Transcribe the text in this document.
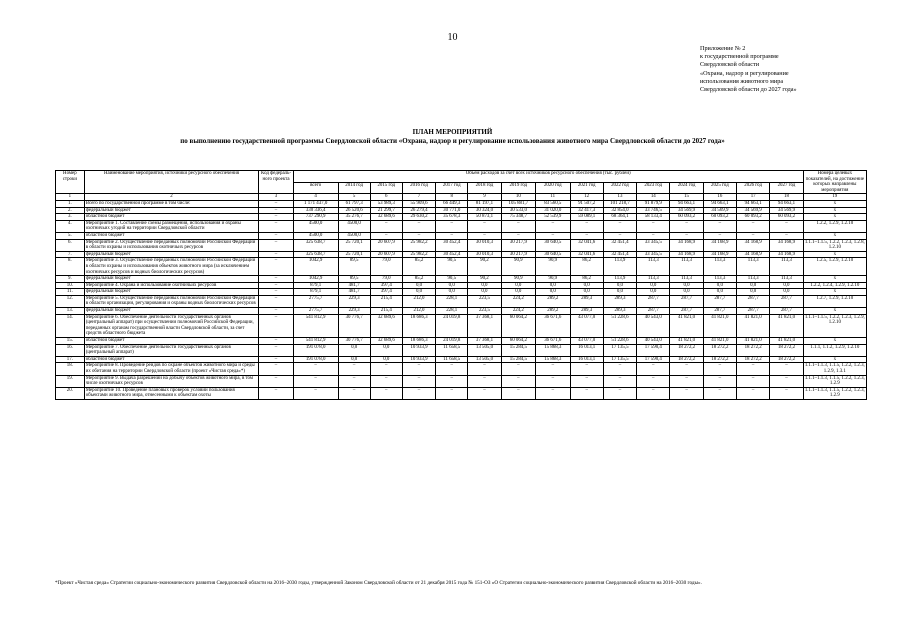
10
Приложение № 2
к государственной программе
Свердловской области
«Охрана, надзор и регулирование
использования животного мира
Свердловской области до 2027 года»
ПЛАН МЕРОПРИЯТИЙ
по выполнению государственной программы Свердловской области «Охрана, надзор и регулирование использования животного мира Свердловской области до 2027 года»
Номер строки	Наименование мероприятия, источники ресурсного обеспечения	Код федераль-ного проекта	Объем расходов за счет всех источников ресурсного обеспечения (тыс. рублей)															Номера целевых показателей, на достижение которых направлены мероприятия
			всего	2014 год	2015 год	2016 год	2017 год	2018 год	2019 год	2020 год	2021 год	2022 год	2023 год	2024 год	2025 год	2026 год	2027 год	
1	2	3	4	5	6	7	8	9	10	11	12	13	14	15	16	17	18	19
1.	Всего по государственной программе в том числе:	–	1 171 437,0	61 797,3	53 989,3	55 909,6	66 449,3	81 197,1	105 881,7	83 560,5	91 507,2	101 218,7	91 879,9	94 663,1	94 663,1	94 663,1	94 663,1	х
2.	федеральный бюджет	–	330 336,4	26 520,6	21 299,7	26 279,4	30 771,0	30 324,0	30 533,0	31 020,0	32 417,3	32 854,0	33 746,5	34 569,9	34 569,9	34 569,9	34 569,9	х
3.	областной бюджет	–	737 290,9	35 276,7	32 689,6	29 630,2	35 678,3	50 873,1	75 348,7	52 539,9	59 089,1	68 364,1	58 133,4	60 093,2	60 093,2	60 093,2	60 093,2	х
4.	Мероприятие 1. Составление схемы размещения, использования и охраны охотничьих угодий на территории Свердловской области	–	4500,0	4500,0	–	–	–	–	–	–	–	–	–	–	–	–	–	1.2.2, 1.2.9, 1.2.10
5.	областной бюджет	–	4500,0	4500,0	–	–	–	–	–	–	–	–	–	–	–	–	–	х
6.	Мероприятие 2. Осуществление переданных полномочий Российской Федерации в области охраны и использования охотничьих ресурсов	–	325 638,7	25 720,1	20 607,9	25 982,2	30 452,4	30 010,3	30 217,9	30 640,5	32 041,6	32 451,4	33 345,5	34 168,9	34 168,9	34 168,9	34 168,9	1.1.1–1.1.5, 1.2.2, 1.2.3, 1.2.8, 1.2.10
7.	федеральный бюджет	–	325 638,7	25 720,1	20 607,9	25 982,2	30 452,4	30 010,3	30 217,9	30 640,5	32 041,6	32 451,4	33 345,5	34 168,9	34 168,9	34 168,9	34 168,9	х
8.	Мероприятие 3. Осуществление переданных полномочий Российской Федерации в области охраны и использования объектов животного мира (за исключением охотничьих ресурсов и водных биологических ресурсов)	–	1042,9	89,5	79,0	85,2	90,5	90,2	90,9	90,9	86,2	113,9	113,3	113,3	113,3	113,3	113,3	1.2.5, 1.2.9, 1.2.10
9.	федеральный бюджет	–	1042,9	89,5	79,0	85,2	90,5	90,2	90,9	90,9	86,2	113,9	113,3	113,3	113,3	113,3	113,3	х
10.	Мероприятие 4. Охрана и использование охотничьих ресурсов	–	879,1	481,7	397,4	0,0	0,0	0,0	0,0	0,0	0,0	0,0	0,0	0,0	0,0	0,0	0,0	1.2.2, 1.2.4, 1.2.9, 1.2.10
11.	федеральный бюджет	–	879,1	481,7	397,4	0,0	0,0	0,0	0,0	0,0	0,0	0,0	0,0	0,0	0,0	0,0	0,0	х
12.	Мероприятие 5. Осуществление переданных полномочий Российской Федерации в области организации, регулирования и охраны водных биологических ресурсов	–	2775,7	229,3	215,4	212,0	228,1	223,5	224,2	289,2	289,3	289,3	287,7	287,7	287,7	287,7	287,7	1.2.7, 1.2.9, 1.2.10
13.	федеральный бюджет	–	2775,7	229,3	215,4	212,0	228,1	223,5	224,2	289,2	289,3	289,3	287,7	287,7	287,7	287,7	287,7	х
14.	Мероприятие 6. Обеспечение деятельности государственных органов (центральный аппарат) при осуществлении полномочий Российской Федерации, переданных органам государственной власти Свердловской области, за счет средств областного бюджета	–	541 812,9	30 776,7	32 689,6	18 686,3	24 019,8	37 368,1	60 064,2	36 671,6	43 077,0	51 228,6	40 543,0	41 821,0	41 821,0	41 821,0	41 821,0	1.1.1–1.1.5, 1.2.2, 1.2.3, 1.2.9, 1.2.10
15.	областной бюджет	–	541 812,9	30 776,7	32 689,6	18 686,3	24 019,8	37 368,1	60 064,2	36 671,6	43 077,0	51 228,6	40 543,0	41 821,0	41 821,0	41 821,0	41 821,0	х
16.	Мероприятие 7. Обеспечение деятельности государственных органов (центральный аппарат)	–	191 078,0	0,0	0,0	10 933,9	11 658,5	13 505,0	15 284,5	15 868,3	16 013,1	17 135,5	17 590,4	18 272,2	18 272,2	18 272,2	18 272,2	1.1.1, 1.1.2, 1.2.9, 1.2.10
17.	областной бюджет	–	191 078,0	0,0	0,0	10 933,9	11 658,5	13 505,0	15 284,5	15 868,3	16 013,1	17 135,5	17 590,4	18 272,2	18 272,2	18 272,2	18 272,2	х
18.	Мероприятие 8. Проведение рейдов по охране объектов животного мира и среды их обитания на территории Свердловской области (проект «Чистая среда»*)	–	–	–	–	–	–	–	–	–	–	–	–	–	–	–	–	1.1.1–1.1.3, 1.1.5, 1.2.2, 1.2.3, 1.2.9, 1.3.1
19.	Мероприятие 9. Выдача разрешений на добычу объектов животного мира, в том числе охотничьих ресурсов	–	–	–	–	–	–	–	–	–	–	–	–	–	–	–	–	1.1.1–1.1.3, 1.1.5, 1.2.2, 1.2.3, 1.2.9
20.	Мероприятие 10. Проведение плановых проверок условий пользования объектами животного мира, отнесенными к объектам охоты	–	–	–	–	–	–	–	–	–	–	–	–	–	–	–	–	1.1.1–1.1.3, 1.1.5, 1.2.2, 1.2.3, 1.2.9
*Проект «Чистая среда» Стратегии социально-экономического развития Свердловской области на 2016–2030 годы, утвержденной Законом Свердловской области от 21 декабря 2015 года № 151-ОЗ «О Стратегии социально-экономического развития Свердловской области на 2016–2030 годы».
